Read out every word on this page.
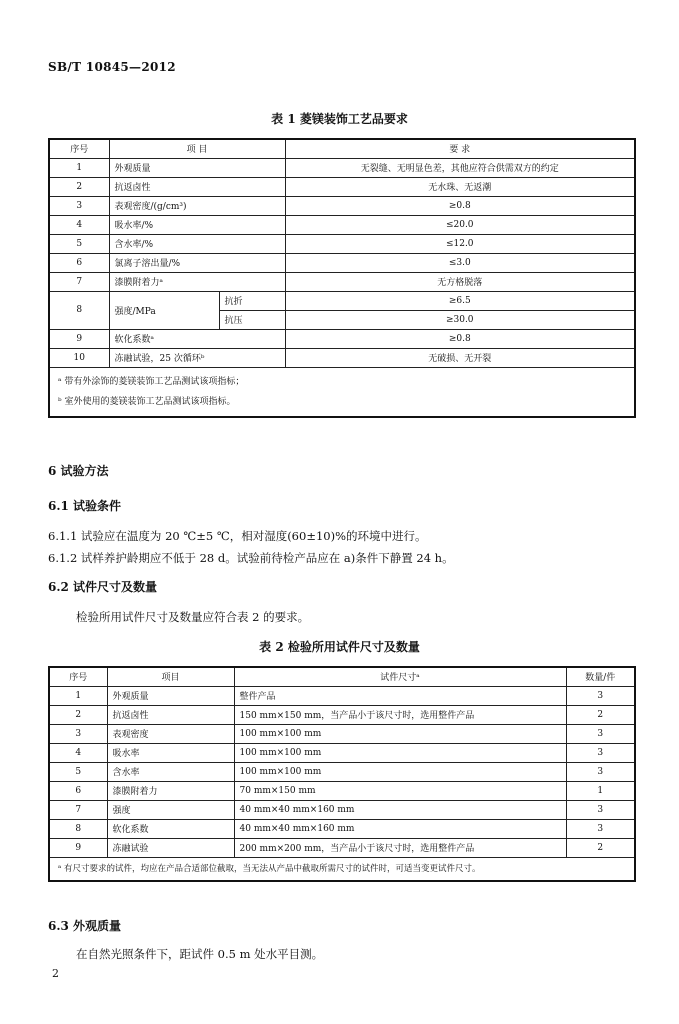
SB/T 10845—2012
表 1 菱镁装饰工艺品要求
序号	项 目		要 求
1	外观质量		无裂缝、无明显色差，其他应符合供需双方的约定
2	抗返卤性		无水珠、无返潮
3	表观密度/(g/cm³)		≥0.8
4	吸水率/%		≤20.0
5	含水率/%		≤12.0
6	氯离子溶出量/%		≤3.0
7	漆膜附着力ᵃ		无方格脱落
8	强度/MPa	抗折	≥6.5
		抗压	≥30.0
9	软化系数ᵃ		≥0.8
10	冻融试验，25 次循环ᵇ		无破损、无开裂

ᵃ 带有外涂饰的菱镁装饰工艺品测试该项指标；
ᵇ 室外使用的菱镁装饰工艺品测试该项指标。			
6 试验方法
6.1 试验条件
6.1.1 试验应在温度为 20 ℃±5 ℃，相对湿度(60±10)%的环境中进行。
6.1.2 试样养护龄期应不低于 28 d。试验前待检产品应在 a)条件下静置 24 h。
6.2 试件尺寸及数量
检验所用试件尺寸及数量应符合表 2 的要求。
表 2 检验所用试件尺寸及数量
序号	项目	试件尺寸ᵃ	数量/件
1	外观质量	整件产品	3
2	抗返卤性	150 mm×150 mm，当产品小于该尺寸时，选用整件产品	2
3	表观密度	100 mm×100 mm	3
4	吸水率	100 mm×100 mm	3
5	含水率	100 mm×100 mm	3
6	漆膜附着力	70 mm×150 mm	1
7	强度	40 mm×40 mm×160 mm	3
8	软化系数	40 mm×40 mm×160 mm	3
9	冻融试验	200 mm×200 mm，当产品小于该尺寸时，选用整件产品	2
ᵃ 有尺寸要求的试件，均应在产品合适部位截取，当无法从产品中截取所需尺寸的试件时，可适当变更试件尺寸。			
6.3 外观质量
在自然光照条件下，距试件 0.5 m 处水平目测。
2
